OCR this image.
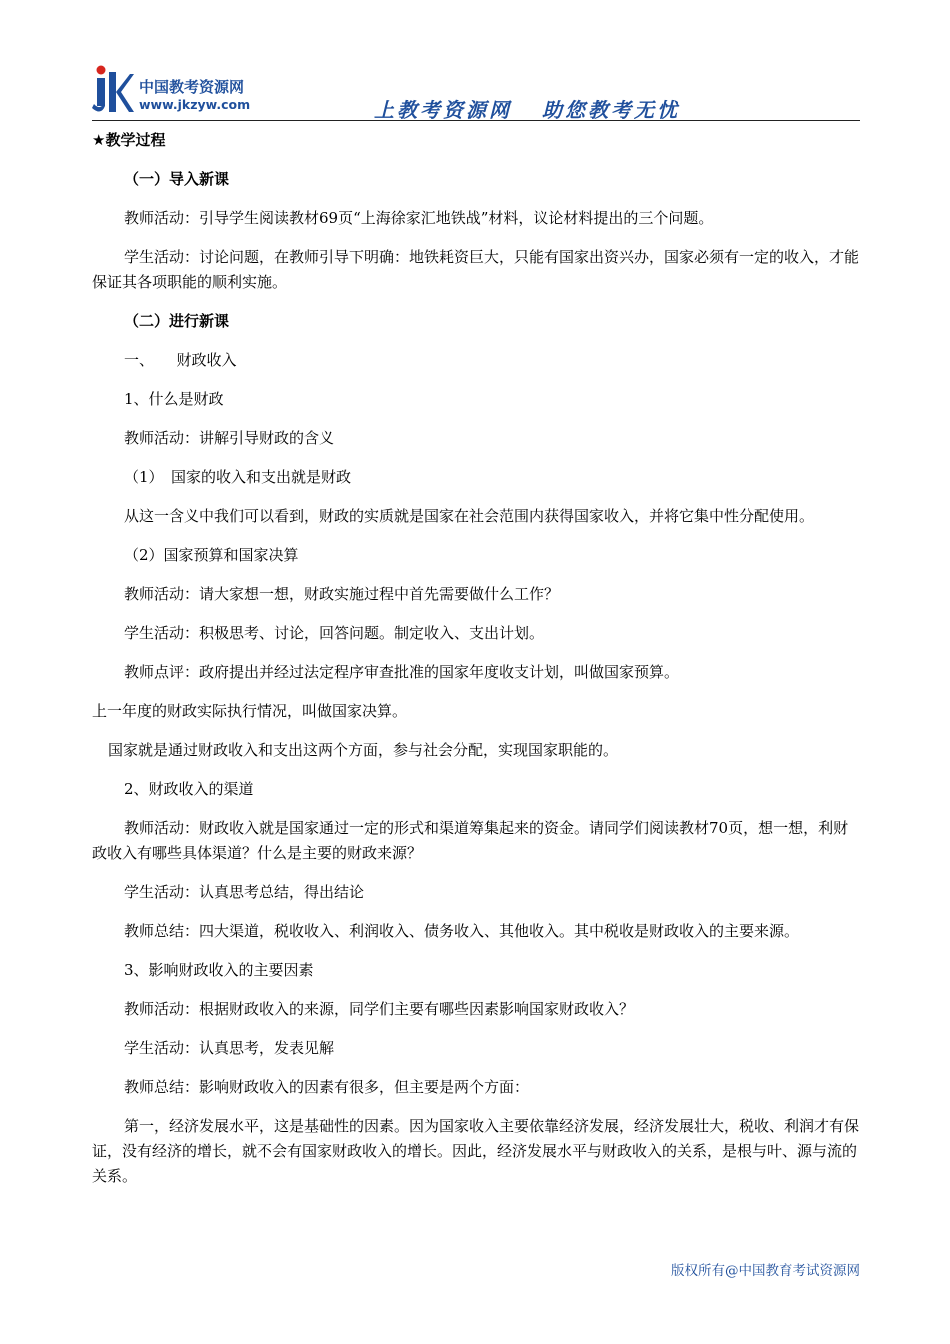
中国教考资源网
www.jkzyw.com	上教考资源网 助您教考无忧

★教学过程

（一）导入新课

教师活动：引导学生阅读教材69页“上海徐家汇地铁战”材料，议论材料提出的三个问题。

学生活动：讨论问题，在教师引导下明确：地铁耗资巨大，只能有国家出资兴办，国家必须有一定的收入，才能保证其各项职能的顺利实施。

（二）进行新课

一、　　财政收入

1、什么是财政

教师活动：讲解引导财政的含义

（1）　国家的收入和支出就是财政

从这一含义中我们可以看到，财政的实质就是国家在社会范围内获得国家收入，并将它集中性分配使用。

（2）国家预算和国家决算

教师活动：请大家想一想，财政实施过程中首先需要做什么工作？

学生活动：积极思考、讨论，回答问题。制定收入、支出计划。

教师点评：政府提出并经过法定程序审查批准的国家年度收支计划，叫做国家预算。

上一年度的财政实际执行情况，叫做国家决算。

国家就是通过财政收入和支出这两个方面，参与社会分配，实现国家职能的。

2、财政收入的渠道

教师活动：财政收入就是国家通过一定的形式和渠道筹集起来的资金。请同学们阅读教材70页，想一想，利财政收入有哪些具体渠道？什么是主要的财政来源？

学生活动：认真思考总结，得出结论

教师总结：四大渠道，税收收入、利润收入、债务收入、其他收入。其中税收是财政收入的主要来源。

3、影响财政收入的主要因素

教师活动：根据财政收入的来源，同学们主要有哪些因素影响国家财政收入？

学生活动：认真思考，发表见解

教师总结：影响财政收入的因素有很多，但主要是两个方面：

第一，经济发展水平，这是基础性的因素。因为国家收入主要依靠经济发展，经济发展壮大，税收、利润才有保证，没有经济的增长，就不会有国家财政收入的增长。因此，经济发展水平与财政收入的关系，是根与叶、源与流的关系。

版权所有@中国教育考试资源网
